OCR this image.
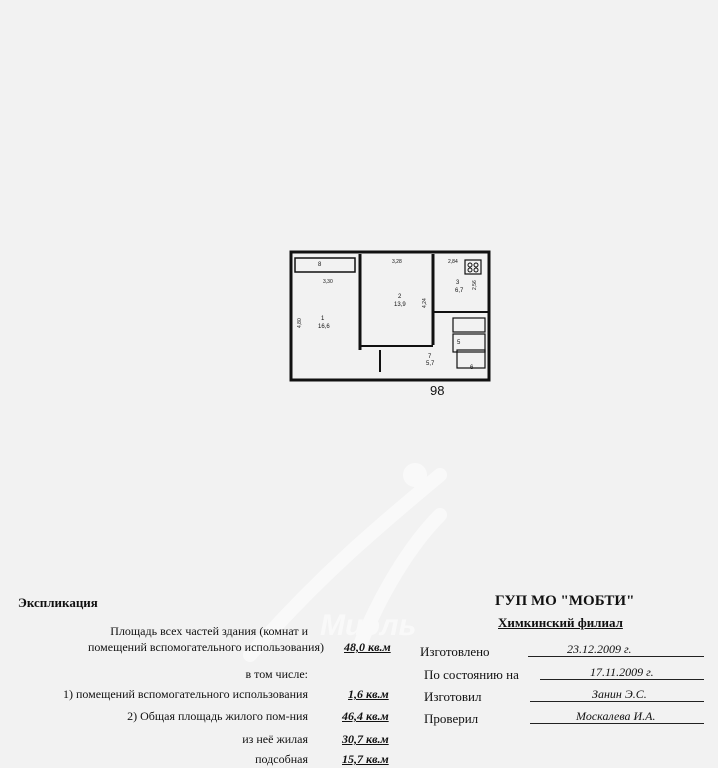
8
3,30
3,28	2,84
3
6,7
2,56
2
13,9	4,24
1
16,6
4,80
5
6
7
5,7
98
Миэль
Экспликация
Площадь всех частей здания (комнат и
помещений вспомогательного использования) 48,0 кв.м
в том числе:
1) помещений вспомогательного использования	1,6 кв.м
2) Общая площадь жилого пом-ния	46,4 кв.м
из неё жилая	30,7 кв.м
подсобная	15,7 кв.м
ГУП МО "МОБТИ"
Химкинский филиал
Изготовлено	23.12.2009 г.
По состоянию на	17.11.2009 г.
Изготовил	Занин Э.С.
Проверил	Москалева И.А.
